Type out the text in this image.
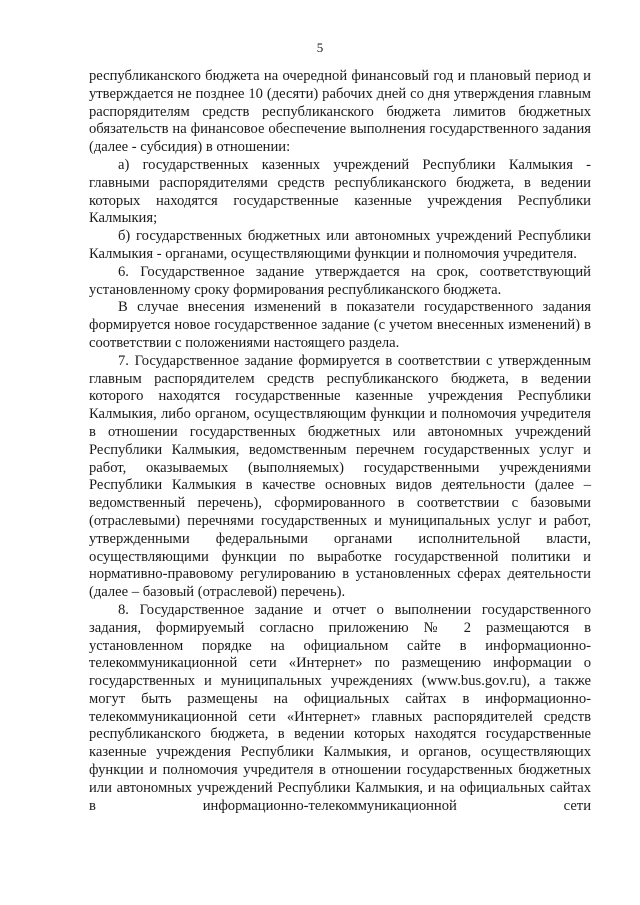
5

республиканского бюджета на очередной финансовый год и плановый период и утверждается не позднее 10 (десяти) рабочих дней со дня утверждения главным распорядителям средств республиканского бюджета лимитов бюджетных обязательств на финансовое обеспечение выполнения государственного задания (далее - субсидия) в отношении:

а) государственных казенных учреждений Республики Калмыкия - главными распорядителями средств республиканского бюджета, в ведении которых находятся государственные казенные учреждения Республики Калмыкия;

б) государственных бюджетных или автономных учреждений Республики Калмыкия - органами, осуществляющими функции и полномочия учредителя.

6. Государственное задание утверждается на срок, соответствующий установленному сроку формирования республиканского бюджета.

В случае внесения изменений в показатели государственного задания формируется новое государственное задание (с учетом внесенных изменений) в соответствии с положениями настоящего раздела.

7. Государственное задание формируется в соответствии с утвержденным главным распорядителем средств республиканского бюджета, в ведении которого находятся государственные казенные учреждения Республики Калмыкия, либо органом, осуществляющим функции и полномочия учредителя в отношении государственных бюджетных или автономных учреждений Республики Калмыкия, ведомственным перечнем государственных услуг и работ, оказываемых (выполняемых) государственными учреждениями Республики Калмыкия в качестве основных видов деятельности (далее – ведомственный перечень), сформированного в соответствии с базовыми (отраслевыми) перечнями государственных и муниципальных услуг и работ, утвержденными федеральными органами исполнительной власти, осуществляющими функции по выработке государственной политики и нормативно-правовому регулированию в установленных сферах деятельности (далее – базовый (отраслевой) перечень).

8. Государственное задание и отчет о выполнении государственного задания, формируемый согласно приложению № 2 размещаются в установленном порядке на официальном сайте в информационно-телекоммуникационной сети «Интернет» по размещению информации о государственных и муниципальных учреждениях (www.bus.gov.ru), а также могут быть размещены на официальных сайтах в информационно-телекоммуникационной сети «Интернет» главных распорядителей средств республиканского бюджета, в ведении которых находятся государственные казенные учреждения Республики Калмыкия, и органов, осуществляющих функции и полномочия учредителя в отношении государственных бюджетных или автономных учреждений Республики Калмыкия, и на официальных сайтах в информационно-телекоммуникационной сети
